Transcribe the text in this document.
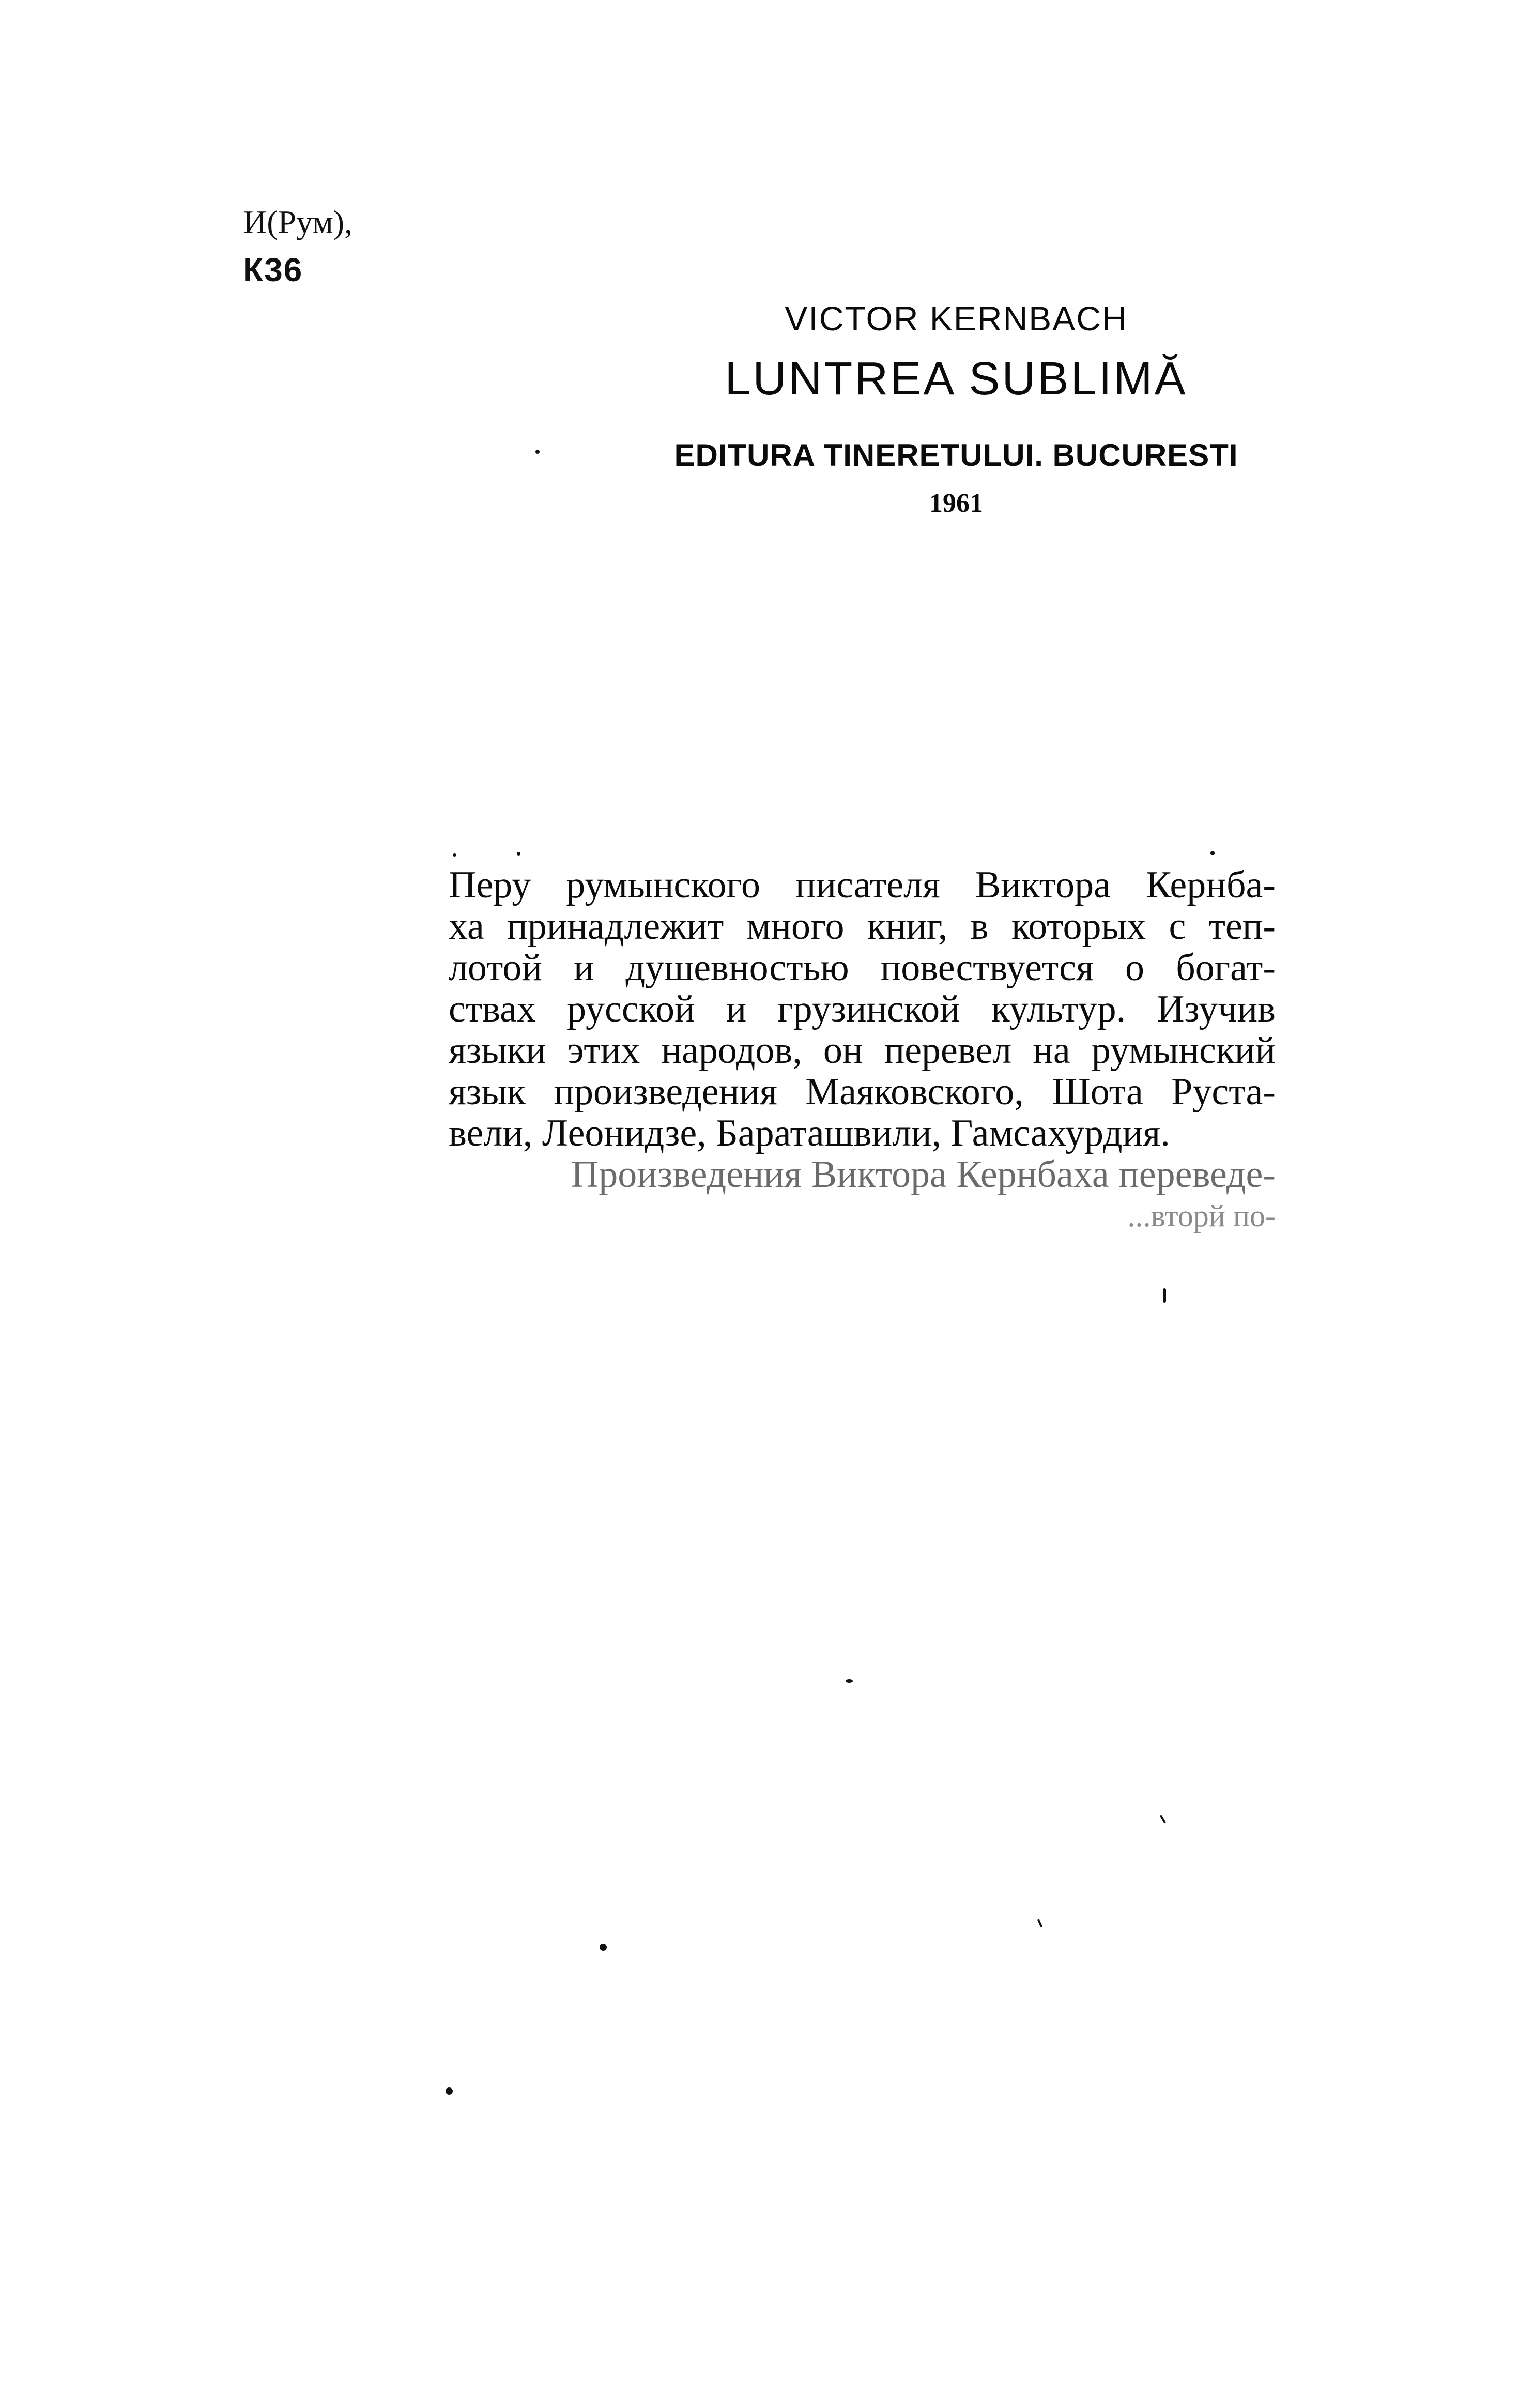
И(Рум),
К36
VICTOR KERNBACH
LUNTREA SUBLIMĂ
EDITURA TINERETULUI. BUCURESTI
1961
Перу румынского писателя Виктора Кернба-
ха принадлежит много книг, в которых с теп-
лотой и душевностью повествуется о богат-
ствах русской и грузинской культур. Изучив
языки этих народов, он перевел на румынский
язык произведения Маяковского, Шота Руста-
вели, Леонидзе, Бараташвили, Гамсахурдия.
Произведения Виктора Кернбаха переведе-
...вторй по-
